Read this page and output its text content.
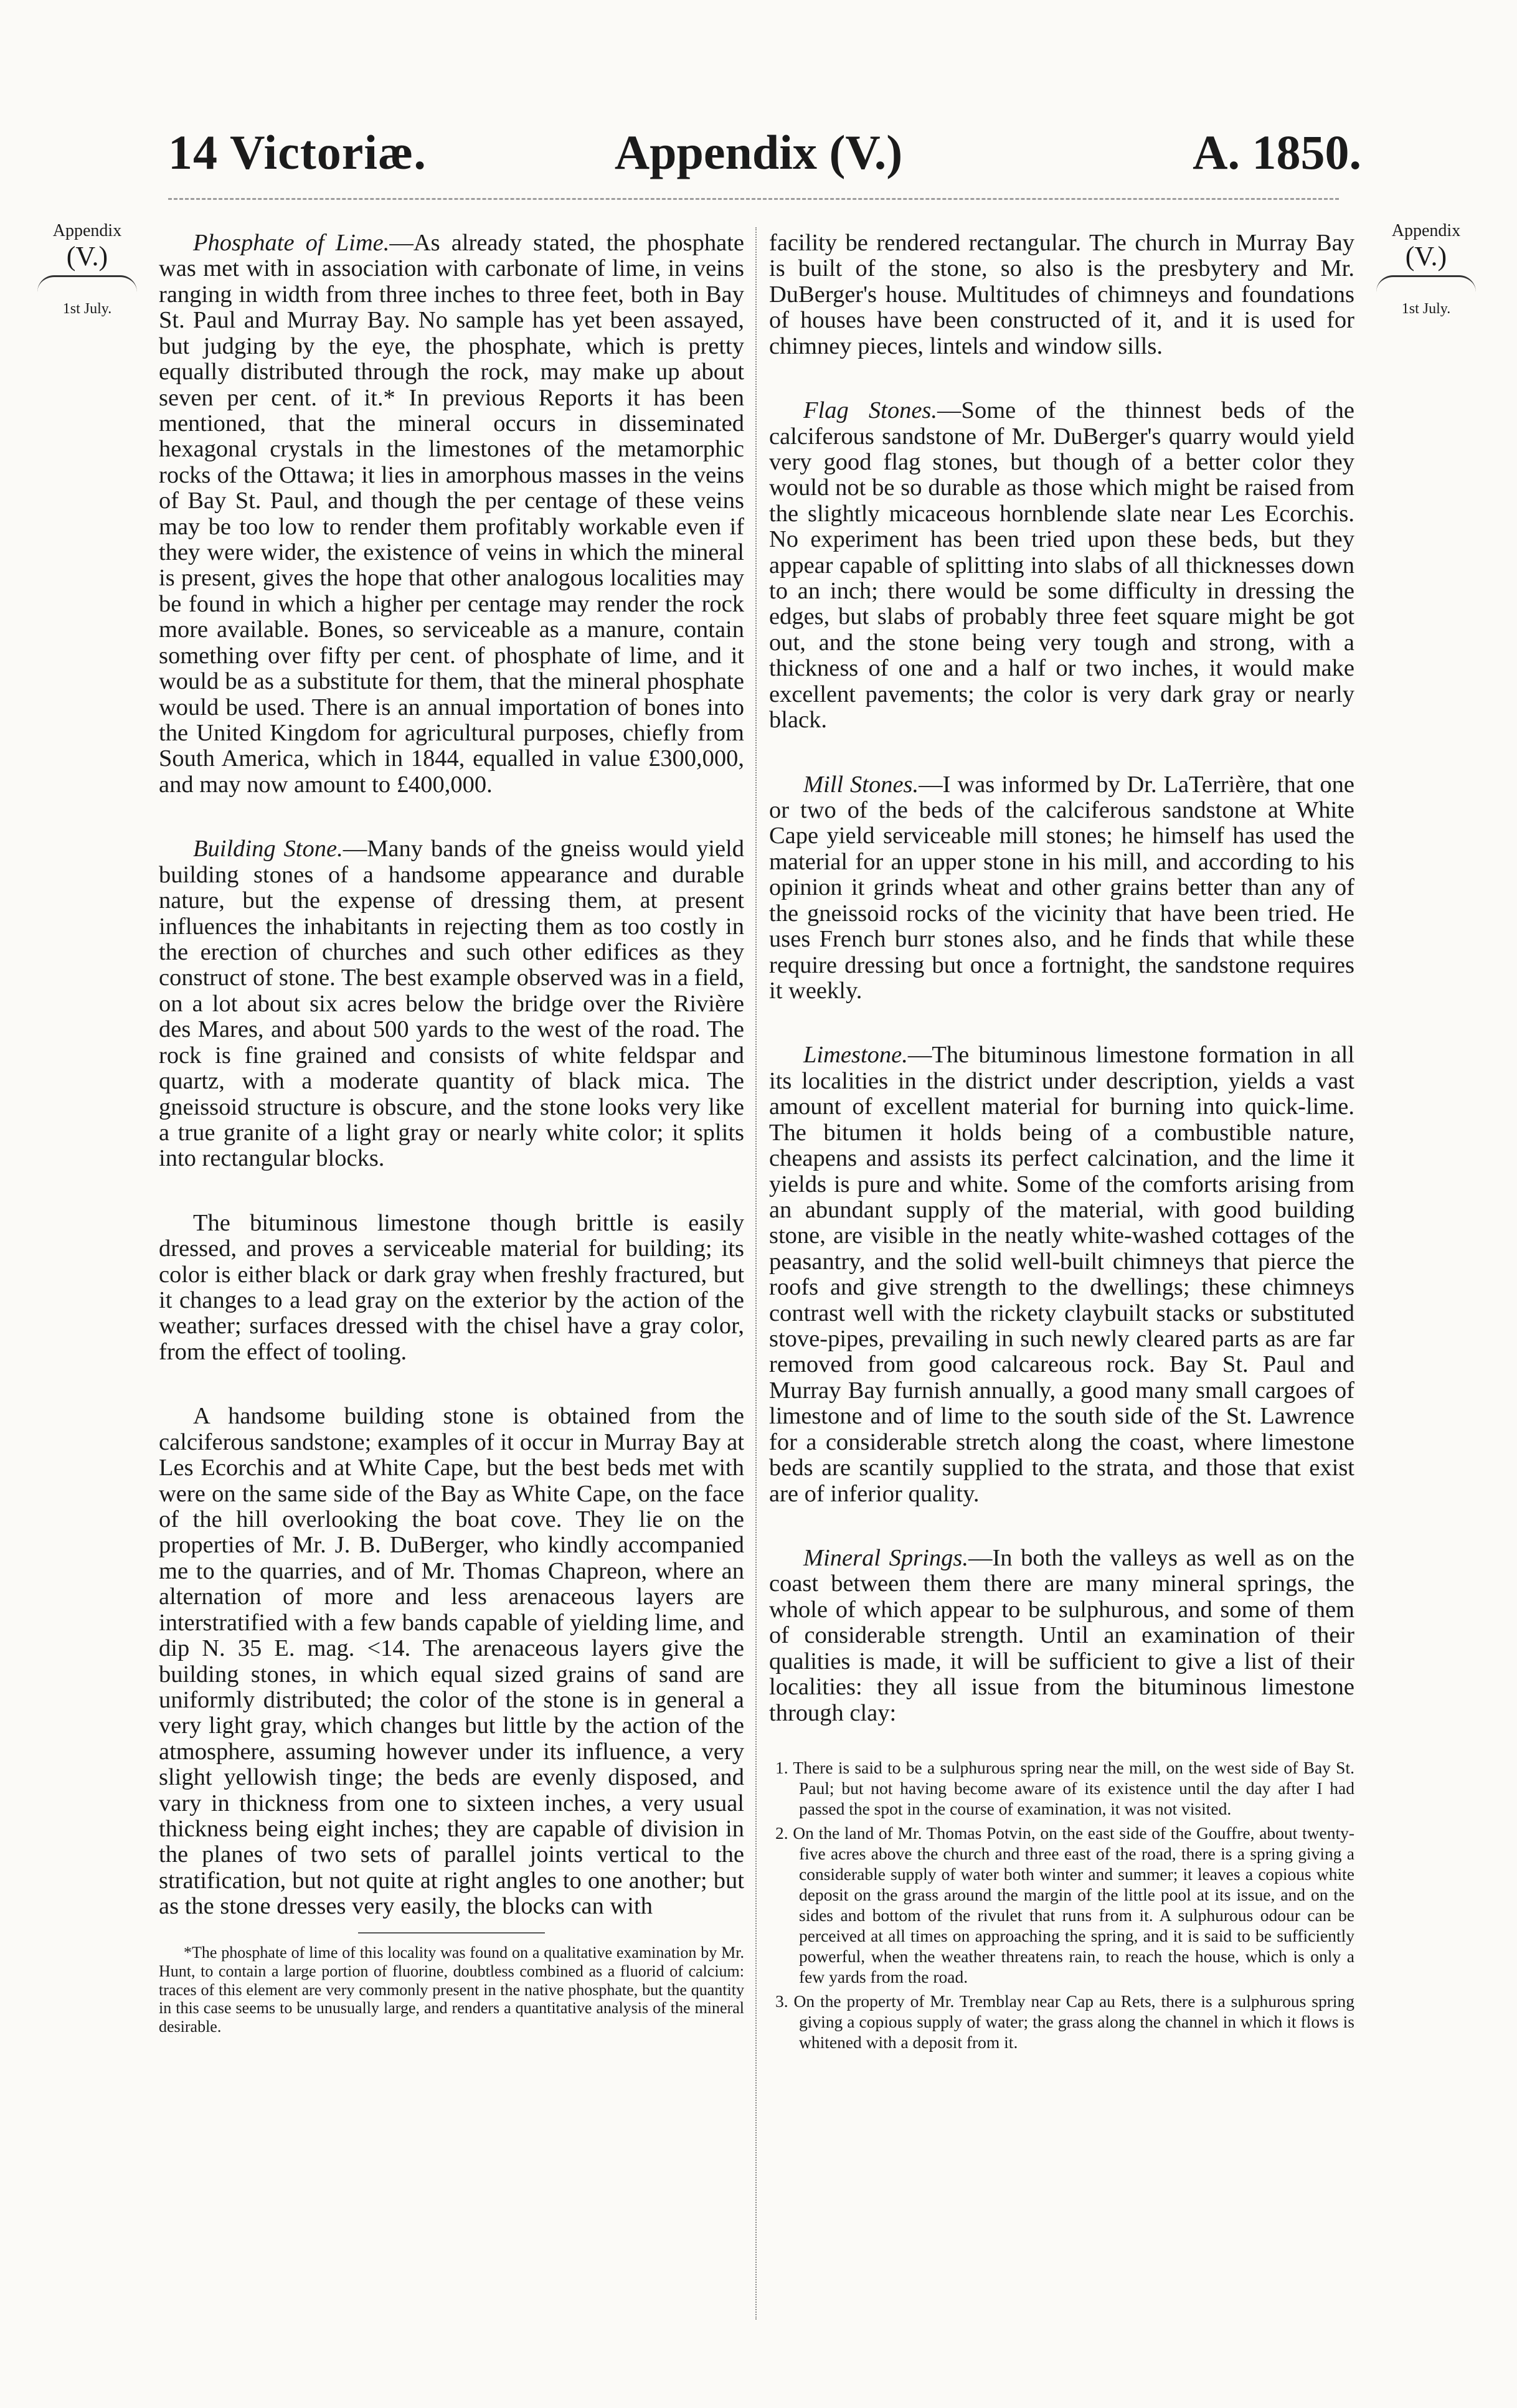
14 Victoriæ.	Appendix (V.)	A. 1850.
Appendix
(V.)
1st July.
Appendix
(V.)
1st July.

Phosphate of Lime.—As already stated, the phosphate was met with in association with carbonate of lime, in veins ranging in width from three inches to three feet, both in Bay St. Paul and Murray Bay. No sample has yet been assayed, but judging by the eye, the phosphate, which is pretty equally distributed through the rock, may make up about seven per cent. of it.* In previous Reports it has been mentioned, that the mineral occurs in disseminated hexagonal crystals in the limestones of the metamorphic rocks of the Ottawa; it lies in amorphous masses in the veins of Bay St. Paul, and though the per centage of these veins may be too low to render them profitably workable even if they were wider, the existence of veins in which the mineral is present, gives the hope that other analogous localities may be found in which a higher per centage may render the rock more available. Bones, so serviceable as a manure, contain something over fifty per cent. of phosphate of lime, and it would be as a substitute for them, that the mineral phosphate would be used. There is an annual importation of bones into the United Kingdom for agricultural purposes, chiefly from South America, which in 1844, equalled in value £300,000, and may now amount to £400,000.

Building Stone.—Many bands of the gneiss would yield building stones of a handsome appearance and durable nature, but the expense of dressing them, at present influences the inhabitants in rejecting them as too costly in the erection of churches and such other edifices as they construct of stone. The best example observed was in a field, on a lot about six acres below the bridge over the Rivière des Mares, and about 500 yards to the west of the road. The rock is fine grained and consists of white feldspar and quartz, with a moderate quantity of black mica. The gneissoid structure is obscure, and the stone looks very like a true granite of a light gray or nearly white color; it splits into rectangular blocks.

The bituminous limestone though brittle is easily dressed, and proves a serviceable material for building; its color is either black or dark gray when freshly fractured, but it changes to a lead gray on the exterior by the action of the weather; surfaces dressed with the chisel have a gray color, from the effect of tooling.

A handsome building stone is obtained from the calciferous sandstone; examples of it occur in Murray Bay at Les Ecorchis and at White Cape, but the best beds met with were on the same side of the Bay as White Cape, on the face of the hill overlooking the boat cove. They lie on the properties of Mr. J. B. DuBerger, who kindly accompanied me to the quarries, and of Mr. Thomas Chapreon, where an alternation of more and less arenaceous layers are interstratified with a few bands capable of yielding lime, and dip N. 35 E. mag. <14. The arenaceous layers give the building stones, in which equal sized grains of sand are uniformly distributed; the color of the stone is in general a very light gray, which changes but little by the action of the atmosphere, assuming however under its influence, a very slight yellowish tinge; the beds are evenly disposed, and vary in thickness from one to sixteen inches, a very usual thickness being eight inches; they are capable of division in the planes of two sets of parallel joints vertical to the stratification, but not quite at right angles to one another; but as the stone dresses very easily, the blocks can with

*The phosphate of lime of this locality was found on a qualitative examination by Mr. Hunt, to contain a large portion of fluorine, doubtless combined as a fluorid of calcium: traces of this element are very commonly present in the native phosphate, but the quantity in this case seems to be unusually large, and renders a quantitative analysis of the mineral desirable.

facility be rendered rectangular. The church in Murray Bay is built of the stone, so also is the presbytery and Mr. DuBerger's house. Multitudes of chimneys and foundations of houses have been constructed of it, and it is used for chimney pieces, lintels and window sills.

Flag Stones.—Some of the thinnest beds of the calciferous sandstone of Mr. DuBerger's quarry would yield very good flag stones, but though of a better color they would not be so durable as those which might be raised from the slightly micaceous hornblende slate near Les Ecorchis. No experiment has been tried upon these beds, but they appear capable of splitting into slabs of all thicknesses down to an inch; there would be some difficulty in dressing the edges, but slabs of probably three feet square might be got out, and the stone being very tough and strong, with a thickness of one and a half or two inches, it would make excellent pavements; the color is very dark gray or nearly black.

Mill Stones.—I was informed by Dr. LaTerrière, that one or two of the beds of the calciferous sandstone at White Cape yield serviceable mill stones; he himself has used the material for an upper stone in his mill, and according to his opinion it grinds wheat and other grains better than any of the gneissoid rocks of the vicinity that have been tried. He uses French burr stones also, and he finds that while these require dressing but once a fortnight, the sandstone requires it weekly.

Limestone.—The bituminous limestone formation in all its localities in the district under description, yields a vast amount of excellent material for burning into quick-lime. The bitumen it holds being of a combustible nature, cheapens and assists its perfect calcination, and the lime it yields is pure and white. Some of the comforts arising from an abundant supply of the material, with good building stone, are visible in the neatly white-washed cottages of the peasantry, and the solid well-built chimneys that pierce the roofs and give strength to the dwellings; these chimneys contrast well with the rickety claybuilt stacks or substituted stove-pipes, prevailing in such newly cleared parts as are far removed from good calcareous rock. Bay St. Paul and Murray Bay furnish annually, a good many small cargoes of limestone and of lime to the south side of the St. Lawrence for a considerable stretch along the coast, where limestone beds are scantily supplied to the strata, and those that exist are of inferior quality.

Mineral Springs.—In both the valleys as well as on the coast between them there are many mineral springs, the whole of which appear to be sulphurous, and some of them of considerable strength. Until an examination of their qualities is made, it will be sufficient to give a list of their localities: they all issue from the bituminous limestone through clay:

1. There is said to be a sulphurous spring near the mill, on the west side of Bay St. Paul; but not having become aware of its existence until the day after I had passed the spot in the course of examination, it was not visited.
2. On the land of Mr. Thomas Potvin, on the east side of the Gouffre, about twenty-five acres above the church and three east of the road, there is a spring giving a considerable supply of water both winter and summer; it leaves a copious white deposit on the grass around the margin of the little pool at its issue, and on the sides and bottom of the rivulet that runs from it. A sulphurous odour can be perceived at all times on approaching the spring, and it is said to be sufficiently powerful, when the weather threatens rain, to reach the house, which is only a few yards from the road.
3. On the property of Mr. Tremblay near Cap au Rets, there is a sulphurous spring giving a copious supply of water; the grass along the channel in which it flows is whitened with a deposit from it.
